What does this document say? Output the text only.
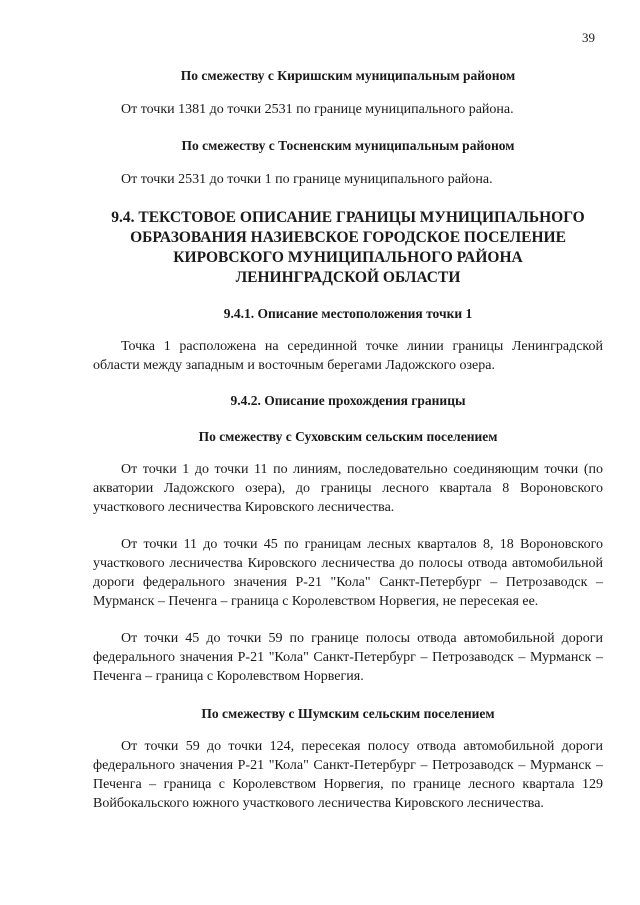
39

По смежеству с Киришским муниципальным районом

От точки 1381 до точки 2531 по границе муниципального района.

По смежеству с Тосненским муниципальным районом

От точки 2531 до точки 1 по границе муниципального района.

9.4. ТЕКСТОВОЕ ОПИСАНИЕ ГРАНИЦЫ МУНИЦИПАЛЬНОГО

ОБРАЗОВАНИЯ НАЗИЕВСКОЕ ГОРОДСКОЕ ПОСЕЛЕНИЕ

КИРОВСКОГО МУНИЦИПАЛЬНОГО РАЙОНА

ЛЕНИНГРАДСКОЙ ОБЛАСТИ

9.4.1. Описание местоположения точки 1

Точка 1 расположена на серединной точке линии границы Ленинградской области между западным и восточным берегами Ладожского озера.

9.4.2. Описание прохождения границы

По смежеству с Суховским сельским поселением

От точки 1 до точки 11 по линиям, последовательно соединяющим точки (по акватории Ладожского озера), до границы лесного квартала 8 Вороновского участкового лесничества Кировского лесничества.

От точки 11 до точки 45 по границам лесных кварталов 8, 18 Вороновского участкового лесничества Кировского лесничества до полосы отвода автомобильной дороги федерального значения Р-21 "Кола" Санкт-Петербург – Петрозаводск – Мурманск – Печенга – граница с Королевством Норвегия, не пересекая ее.

От точки 45 до точки 59 по границе полосы отвода автомобильной дороги федерального значения Р-21 "Кола" Санкт-Петербург – Петрозаводск – Мурманск – Печенга – граница с Королевством Норвегия.

По смежеству с Шумским сельским поселением

От точки 59 до точки 124, пересекая полосу отвода автомобильной дороги федерального значения Р-21 "Кола" Санкт-Петербург – Петрозаводск – Мурманск – Печенга – граница с Королевством Норвегия, по границе лесного квартала 129 Войбокальского южного участкового лесничества Кировского лесничества.
